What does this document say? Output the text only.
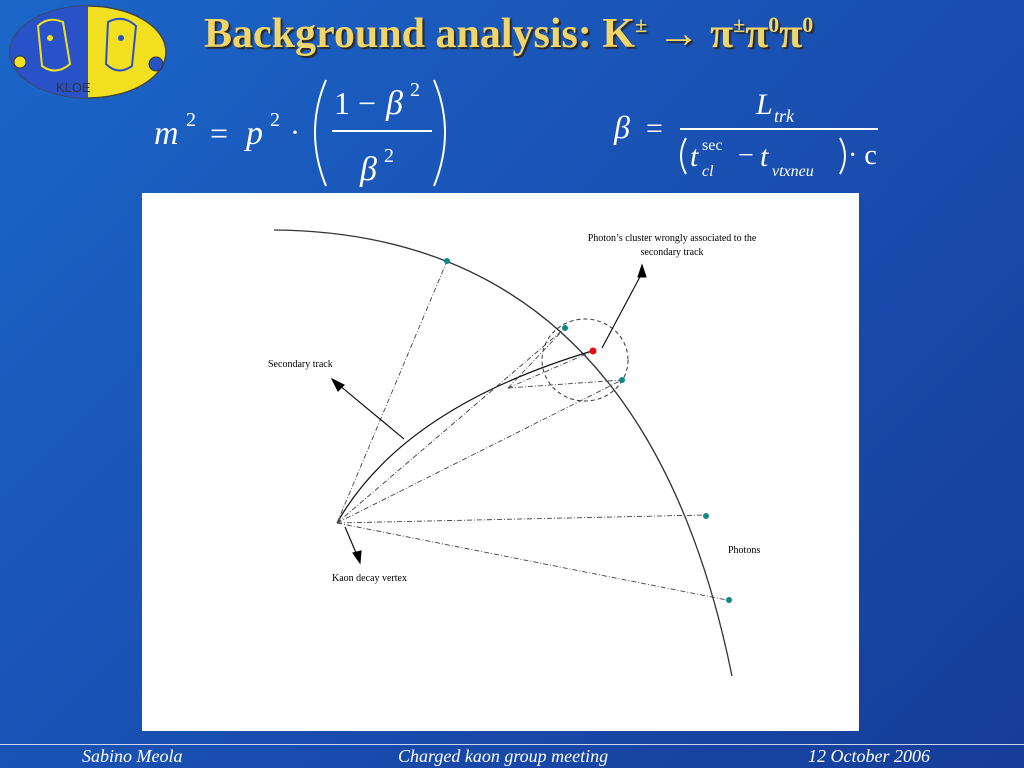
KLOE
Background analysis: $K^\pm \to \pi^\pm\pi^0\pi^0$
m 2 = p 2 ·
1 − β 2
β 2
β =
L trk
t sec
cl
− t vtxneu
· c
Photon’s cluster wrongly associated to the
secondary track
Secondary track
Kaon decay vertex
Photons
Sabino Meola	Charged kaon group meeting	12 October 2006
